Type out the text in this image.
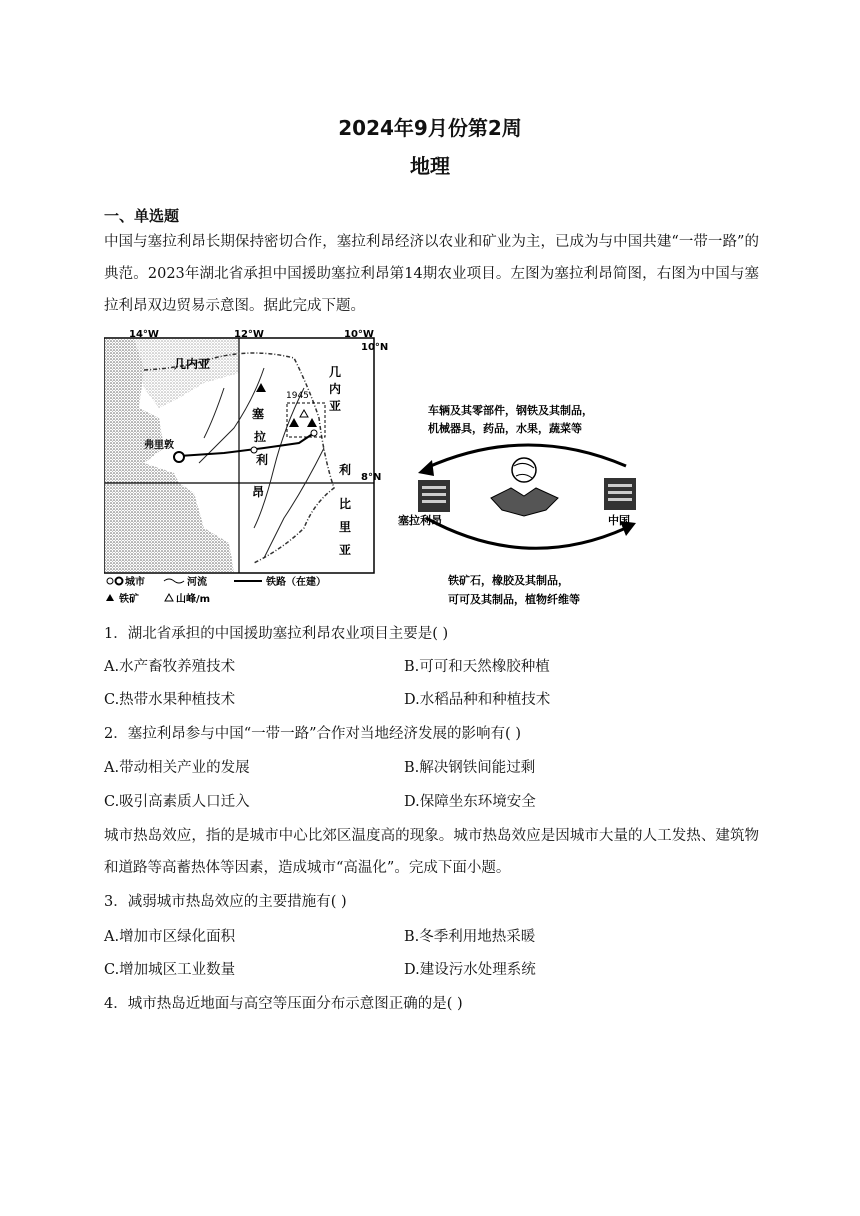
2024年9月份第2周
地理
一、单选题
中国与塞拉利昂长期保持密切合作，塞拉利昂经济以农业和矿业为主，已成为与中国共建“一带一路”的典范。2023年湖北省承担中国援助塞拉利昂第14期农业项目。左图为塞拉利昂简图，右图为中国与塞拉利昂双边贸易示意图。据此完成下题。
14°W	12°W	10°W
10°N
8°N
几内亚
塞
拉
利
昂
几
内
亚
利
比
里
亚
弗里敦
1945
城市	河流	铁路（在建）
铁矿	山峰/m
车辆及其零部件，钢铁及其制品，
机械器具，药品，水果，蔬菜等
塞拉利昂	中国
铁矿石，橡胶及其制品，
可可及其制品，植物纤维等
1．湖北省承担的中国援助塞拉利昂农业项目主要是( )
A.水产畜牧养殖技术	B.可可和天然橡胶种植
C.热带水果种植技术	D.水稻品种和种植技术
2．塞拉利昂参与中国“一带一路”合作对当地经济发展的影响有( )
A.带动相关产业的发展	B.解决钢铁间能过剩
C.吸引高素质人口迁入	D.保障坐东环境安全
城市热岛效应，指的是城市中心比郊区温度高的现象。城市热岛效应是因城市大量的人工发热、建筑物和道路等高蓄热体等因素，造成城市“高温化”。完成下面小题。
3．减弱城市热岛效应的主要措施有( )
A.增加市区绿化面积	B.冬季利用地热采暖
C.增加城区工业数量	D.建设污水处理系统
4．城市热岛近地面与高空等压面分布示意图正确的是( )
